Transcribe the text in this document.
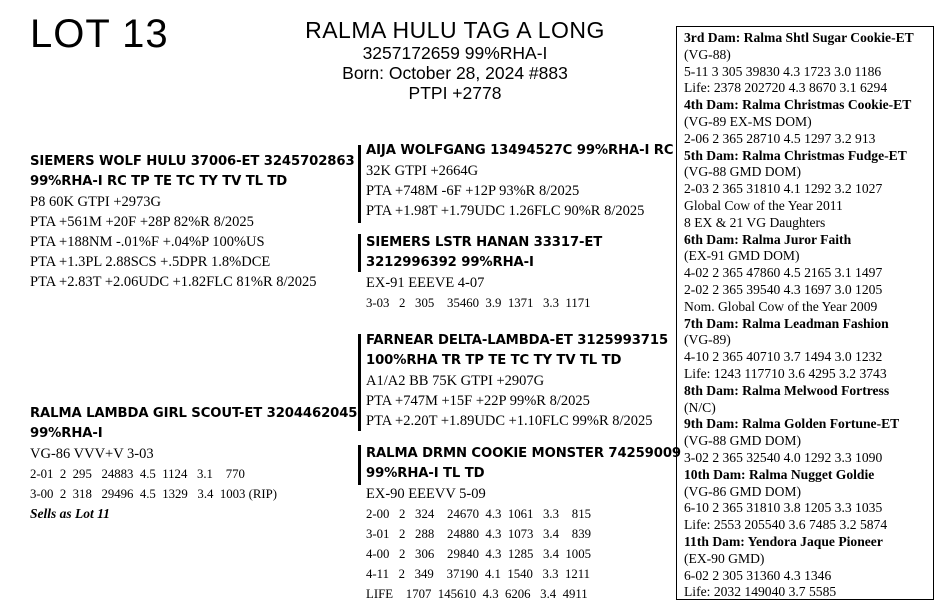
LOT 13	RALMA HULU TAG A LONG
3257172659 99%RHA-I
Born: October 28, 2024 #883
PTPI +2778
SIEMERS WOLF HULU 37006-ET 3245702863
99%RHA-I RC TP TE TC TY TV TL TD
P8 60K GTPI +2973G
PTA +561M +20F +28P 82%R 8/2025
PTA +188NM -.01%F +.04%P 100%US
PTA +1.3PL 2.88SCS +.5DPR 1.8%DCE
PTA +2.83T +2.06UDC +1.82FLC 81%R 8/2025
RALMA LAMBDA GIRL SCOUT-ET 3204462045
99%RHA-I
VG-86 VVV+V 3-03
2-01  2  295   24883  4.5  1124   3.1    770
3-00  2  318   29496  4.5  1329   3.4  1003 (RIP)
Sells as Lot 11
AIJA WOLFGANG 13494527C 99%RHA-I RC
32K GTPI +2664G
PTA +748M -6F +12P 93%R 8/2025
PTA +1.98T +1.79UDC 1.26FLC 90%R 8/2025
SIEMERS LSTR HANAN 33317-ET
3212996392 99%RHA-I
EX-91 EEEVE 4-07
3-03   2   305    35460  3.9  1371   3.3  1171
FARNEAR DELTA-LAMBDA-ET 3125993715
100%RHA TR TP TE TC TY TV TL TD
A1/A2 BB 75K GTPI +2907G
PTA +747M +15F +22P 99%R 8/2025
PTA +2.20T +1.89UDC +1.10FLC 99%R 8/2025
RALMA DRMN COOKIE MONSTER 74259009
99%RHA-I TL TD
EX-90 EEEVV 5-09
2-00   2   324    24670  4.3  1061   3.3    815
3-01   2   288    24880  4.3  1073   3.4    839
4-00   2   306    29840  4.3  1285   3.4  1005
4-11   2   349    37190  4.1  1540   3.3  1211
LIFE    1707  145610  4.3  6206   3.4  4911
3rd Dam: Ralma Shtl Sugar Cookie-ET
(VG-88)
5-11 3 305 39830 4.3 1723 3.0 1186
Life: 2378 202720 4.3 8670 3.1 6294
4th Dam: Ralma Christmas Cookie-ET
(VG-89 EX-MS DOM)
2-06 2 365 28710 4.5 1297 3.2 913
5th Dam: Ralma Christmas Fudge-ET
(VG-88 GMD DOM)
2-03 2 365 31810 4.1 1292 3.2 1027
Global Cow of the Year 2011
8 EX & 21 VG Daughters
6th Dam: Ralma Juror Faith
(EX-91 GMD DOM)
4-02 2 365 47860 4.5 2165 3.1 1497
2-02 2 365 39540 4.3 1697 3.0 1205
Nom. Global Cow of the Year 2009
7th Dam: Ralma Leadman Fashion
(VG-89)
4-10 2 365 40710 3.7 1494 3.0 1232
Life: 1243 117710 3.6 4295 3.2 3743
8th Dam: Ralma Melwood Fortress
(N/C)
9th Dam: Ralma Golden Fortune-ET
(VG-88 GMD DOM)
3-02 2 365 32540 4.0 1292 3.3 1090
10th Dam: Ralma Nugget Goldie
(VG-86 GMD DOM)
6-10 2 365 31810 3.8 1205 3.3 1035
Life: 2553 205540 3.6 7485 3.2 5874
11th Dam: Yendora Jaque Pioneer
(EX-90 GMD)
6-02 2 305 31360 4.3 1346
Life: 2032 149040 3.7 5585
